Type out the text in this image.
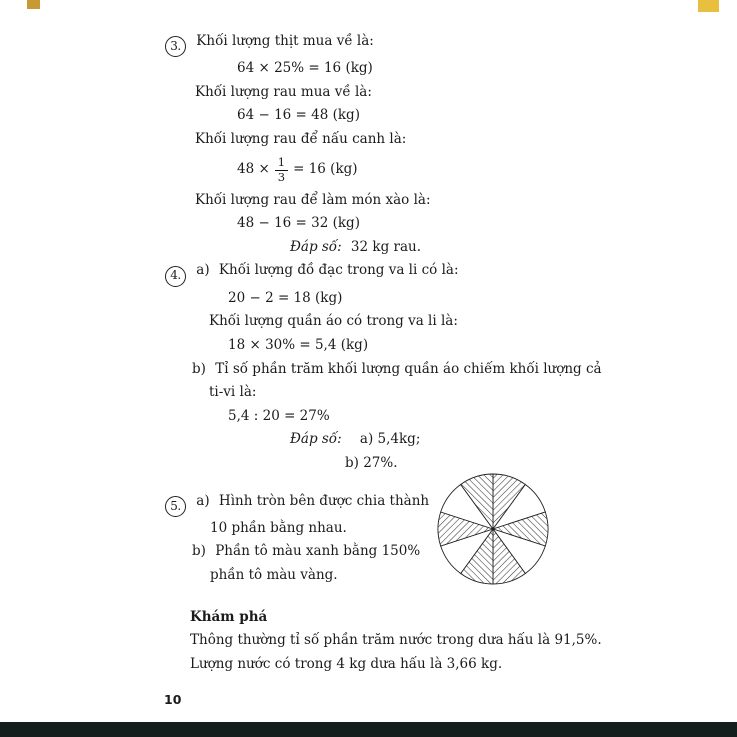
3. Khối lượng thịt mua về là:
64 × 25% = 16 (kg)
Khối lượng rau mua về là:
64 − 16 = 48 (kg)
Khối lượng rau để nấu canh là:
$48 \times \frac{1}{3} = 16$ (kg)
Khối lượng rau để làm món xào là:
48 − 16 = 32 (kg)
Đáp số: 32 kg rau.
4. a) Khối lượng đồ đạc trong va li có là:
20 − 2 = 18 (kg)
Khối lượng quần áo có trong va li là:
18 × 30% = 5,4 (kg)
b) Tỉ số phần trăm khối lượng quần áo chiếm khối lượng cả
ti-vi là:
5,4 : 20 = 27%
Đáp số: a) 5,4kg;
b) 27%.
5. a) Hình tròn bên được chia thành
10 phần bằng nhau.
b) Phần tô màu xanh bằng 150%
phần tô màu vàng.
Khám phá
Thông thường tỉ số phần trăm nước trong dưa hấu là 91,5%.
Lượng nước có trong 4 kg dưa hấu là 3,66 kg.
10
